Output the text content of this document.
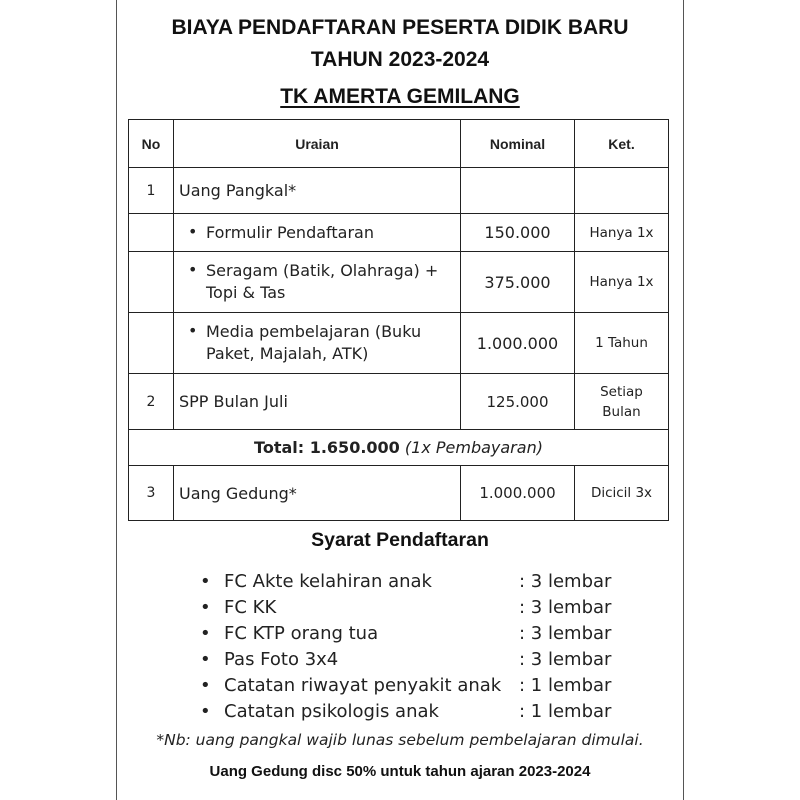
BIAYA PENDAFTARAN PESERTA DIDIK BARU
TAHUN 2023-2024
TK AMERTA GEMILANG
No	Uraian	Nominal	Ket.
1	Uang Pangkal*		

	• Formulir Pendaftaran	150.000	Hanya 1x

	• Seragam (Batik, Olahraga) + Topi & Tas	375.000	Hanya 1x

	• Media pembelajaran (Buku Paket, Majalah, ATK)	1.000.000	1 Tahun
2	SPP Bulan Juli	125.000	Setiap Bulan
Total: 1.650.000 (1x Pembayaran)			
3	Uang Gedung*	1.000.000	Dicicil 3x
Syarat Pendaftaran
• FC Akte kelahiran anak	: 3 lembar
• FC KK	: 3 lembar
• FC KTP orang tua	: 3 lembar
• Pas Foto 3x4	: 3 lembar
• Catatan riwayat penyakit anak : 1 lembar
• Catatan psikologis anak	: 1 lembar

*Nb: uang pangkal wajib lunas sebelum pembelajaran dimulai.

Uang Gedung disc 50% untuk tahun ajaran 2023-2024
